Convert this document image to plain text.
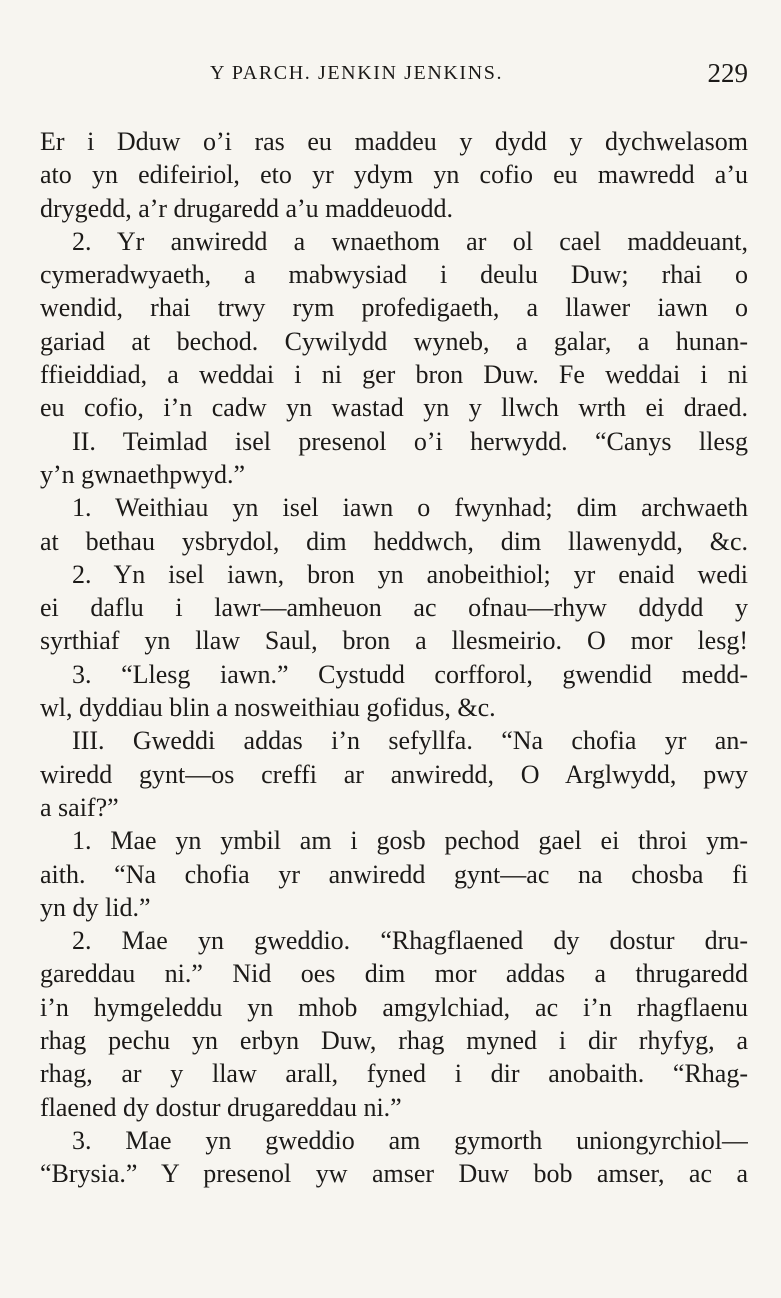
Y PARCH. JENKIN JENKINS.	229
Er i Dduw o’i ras eu maddeu y dydd y dychwelasom
ato yn edifeiriol, eto yr ydym yn cofio eu mawredd a’u
drygedd, a’r drugaredd a’u maddeuodd.
2. Yr anwiredd a wnaethom ar ol cael maddeuant,
cymeradwyaeth, a mabwysiad i deulu Duw; rhai o
wendid, rhai trwy rym profedigaeth, a llawer iawn o
gariad at bechod. Cywilydd wyneb, a galar, a hunan-
ffieiddiad, a weddai i ni ger bron Duw. Fe weddai i ni
eu cofio, i’n cadw yn wastad yn y llwch wrth ei draed.
II. Teimlad isel presenol o’i herwydd. “Canys llesg
y’n gwnaethpwyd.”
1. Weithiau yn isel iawn o fwynhad; dim archwaeth
at bethau ysbrydol, dim heddwch, dim llawenydd, &c.
2. Yn isel iawn, bron yn anobeithiol; yr enaid wedi
ei daflu i lawr—amheuon ac ofnau—rhyw ddydd y
syrthiaf yn llaw Saul, bron a llesmeirio. O mor lesg!
3. “Llesg iawn.” Cystudd corfforol, gwendid medd-
wl, dyddiau blin a nosweithiau gofidus, &c.
III. Gweddi addas i’n sefyllfa. “Na chofia yr an-
wiredd gynt—os creffi ar anwiredd, O Arglwydd, pwy
a saif?”
1. Mae yn ymbil am i gosb pechod gael ei throi ym-
aith. “Na chofia yr anwiredd gynt—ac na chosba fi
yn dy lid.”
2. Mae yn gweddio. “Rhagflaened dy dostur dru-
gareddau ni.” Nid oes dim mor addas a thrugaredd
i’n hymgeleddu yn mhob amgylchiad, ac i’n rhagflaenu
rhag pechu yn erbyn Duw, rhag myned i dir rhyfyg, a
rhag, ar y llaw arall, fyned i dir anobaith. “Rhag-
flaened dy dostur drugareddau ni.”
3. Mae yn gweddio am gymorth uniongyrchiol—
“Brysia.” Y presenol yw amser Duw bob amser, ac a
